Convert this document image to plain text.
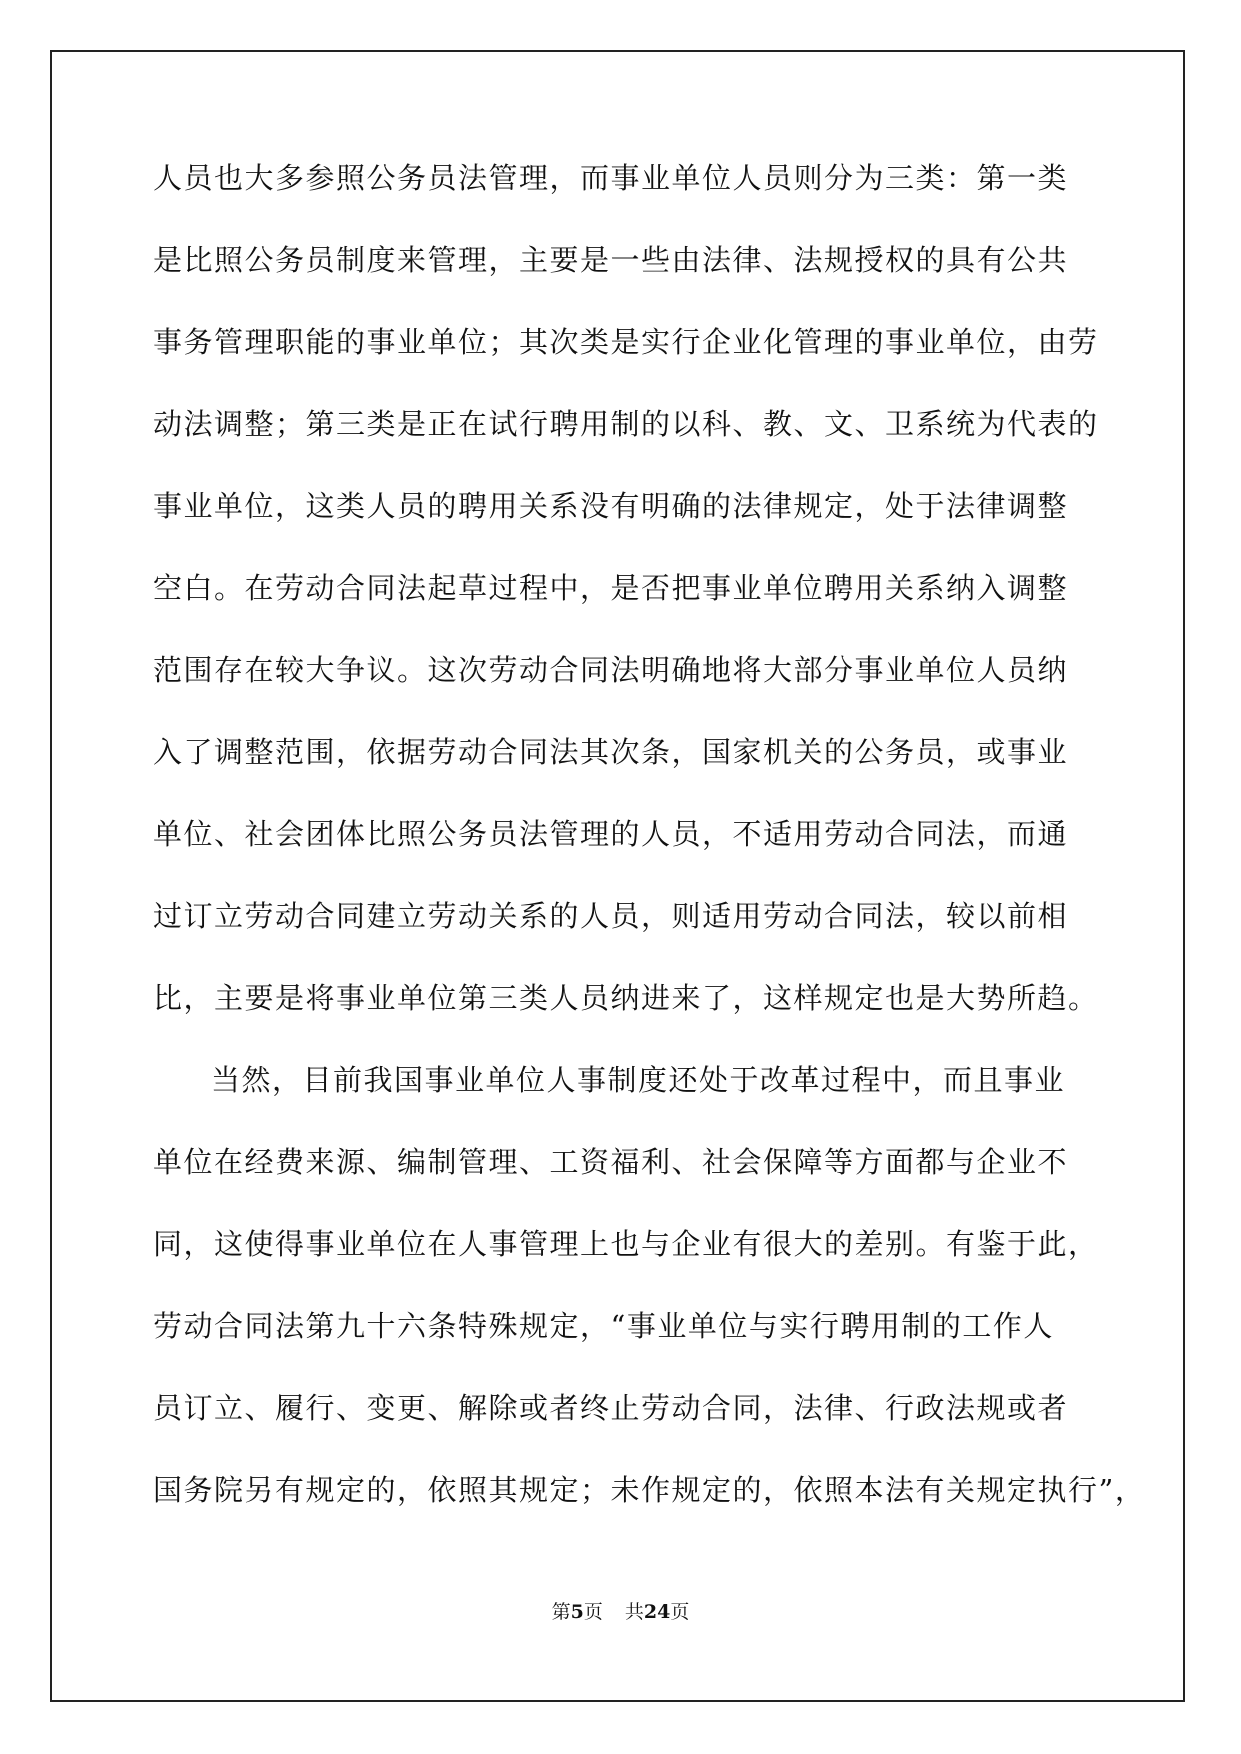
人员也大多参照公务员法管理，而事业单位人员则分为三类：第一类
是比照公务员制度来管理，主要是一些由法律、法规授权的具有公共
事务管理职能的事业单位；其次类是实行企业化管理的事业单位，由劳
动法调整；第三类是正在试行聘用制的以科、教、文、卫系统为代表的
事业单位，这类人员的聘用关系没有明确的法律规定，处于法律调整
空白。在劳动合同法起草过程中，是否把事业单位聘用关系纳入调整
范围存在较大争议。这次劳动合同法明确地将大部分事业单位人员纳
入了调整范围，依据劳动合同法其次条，国家机关的公务员，或事业
单位、社会团体比照公务员法管理的人员，不适用劳动合同法，而通
过订立劳动合同建立劳动关系的人员，则适用劳动合同法，较以前相
比，主要是将事业单位第三类人员纳进来了，这样规定也是大势所趋。
当然，目前我国事业单位人事制度还处于改革过程中，而且事业
单位在经费来源、编制管理、工资福利、社会保障等方面都与企业不
同，这使得事业单位在人事管理上也与企业有很大的差别。有鉴于此，
劳动合同法第九十六条特殊规定，“事业单位与实行聘用制的工作人
员订立、履行、变更、解除或者终止劳动合同，法律、行政法规或者
国务院另有规定的，依照其规定；未作规定的，依照本法有关规定执行”，
第5页 共24页
